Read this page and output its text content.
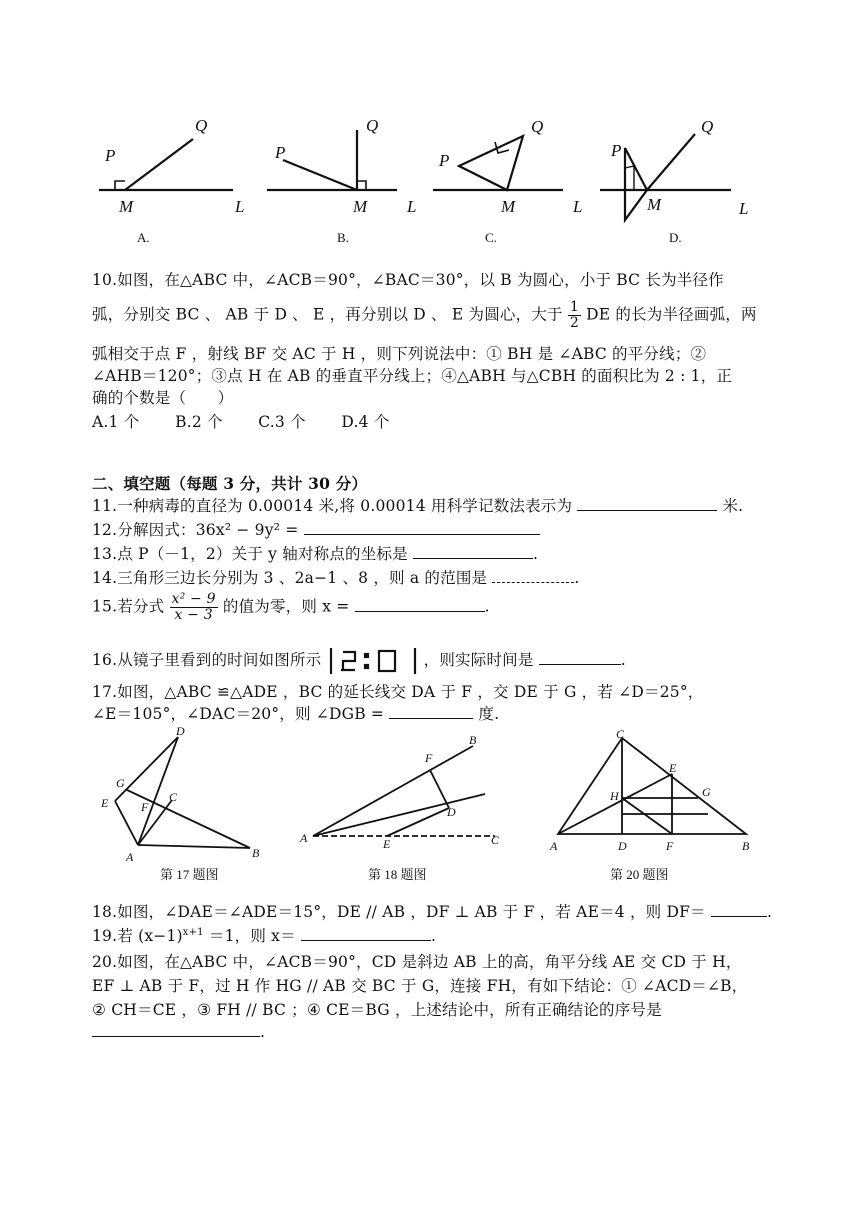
P
Q
M	L
P
Q
M L
P
Q
M	L
P
Q
M	L
A.	B.	C.	D.
10.如图，在△ABC 中，∠ACB＝90°，∠BAC＝30°，以 B 为圆心，小于 BC 长为半径作
弧，分别交 BC 、 AB 于 D 、 E ，再分别以 D 、 E 为圆心，大于 $\frac{1}{2}$ DE 的长为半径画弧，两
弧相交于点 F ，射线 BF 交 AC 于 H ，则下列说法中：① BH 是 ∠ABC 的平分线；②
∠AHB＝120°；③点 H 在 AB 的垂直平分线上；④△ABH 与△CBH 的面积比为 2 : 1，正
确的个数是（　　）
A.1 个 B.2 个 C.3 个 D.4 个
二、填空题（每题 3 分，共计 30 分）
11.一种病毒的直径为 0.00014 米,将 0.00014 用科学记数法表示为	米.
12.分解因式：36x² − 9y² =
13.点 P（－1，2）关于 y 轴对称点的坐标是	.
14.三角形三边长分别为 3 、2a−1 、8 ，则 a 的范围是	.
15.若分式 $\frac{\text{x² − 9}}{x - 3}$ 的值为零，则 x =	.
16.从镜子里看到的时间如图所示	，则实际时间是	.
17.如图，△ABC ≌△ADE ，BC 的延长线交 DA 于 F ，交 DE 于 G ，若 ∠D＝25°，
∠E＝105°，∠DAC＝20°，则 ∠DGB =	度.
D
G
E	F
C
A	B
F
B
D
A	E	C
C
E
G
H
A	D	F	B
第 17 题图	第 18 题图	第 20 题图
18.如图，∠DAE＝∠ADE＝15°，DE // AB ，DF ⊥ AB 于 F ，若 AE＝4 ，则 DF＝	.
19.若 $(x-1)^{x+1} =1$，则 x＝	.
20.如图，在△ABC 中，∠ACB＝90°，CD 是斜边 AB 上的高，角平分线 AE 交 CD 于 H，
EF ⊥ AB 于 F，过 H 作 HG // AB 交 BC 于 G，连接 FH，有如下结论：① ∠ACD＝∠B，
② CH＝CE ，③ FH // BC ；④ CE＝BG ，上述结论中，所有正确结论的序号是
.
